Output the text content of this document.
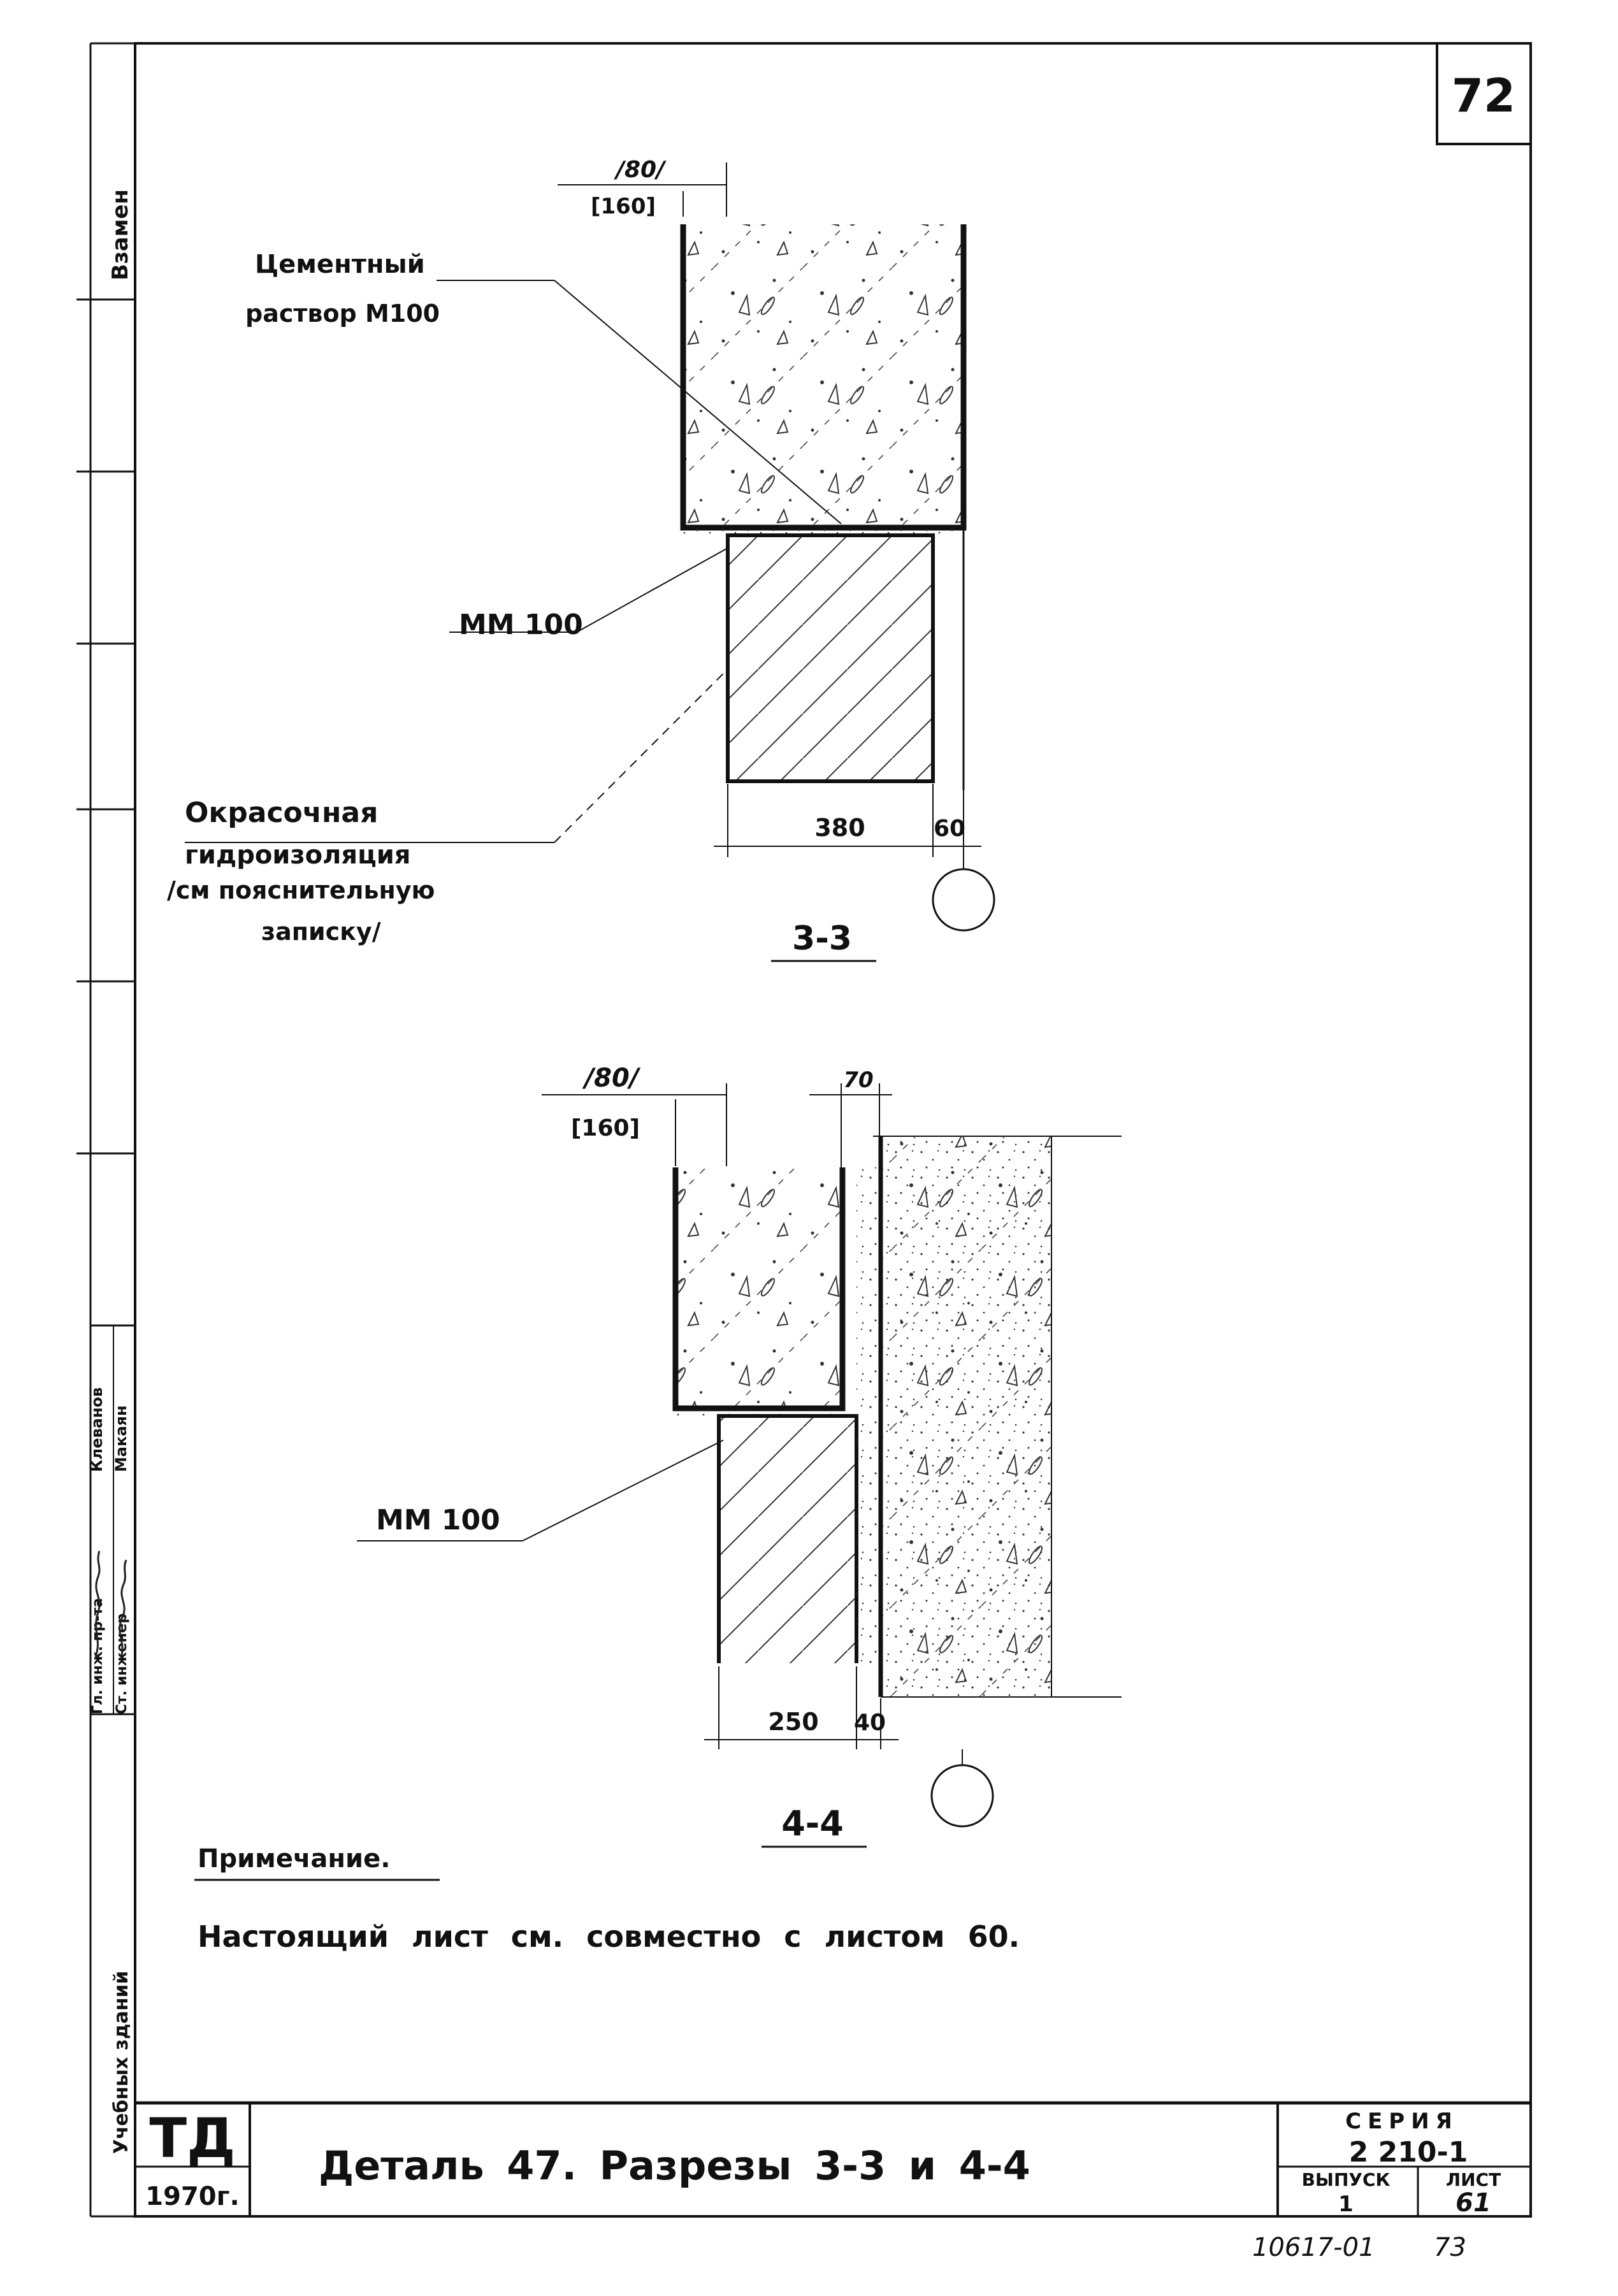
72
Взамен
Гл. инж. пр-та Ст. инженер
Клеванов Макаян
Учебных зданий
/80/
[160]
Цементный
раствор М100
ММ 100
Окрасочная
гидроизоляция
/см пояснительную
записку/
380	60
3-3
/80/
[160]
70
ММ 100
250 40
4-4
Примечание.
Настоящий лист см. совместно с листом 60.
ТД
1970г.
Деталь 47. Разрезы 3-3 и 4-4
СЕРИЯ
2 210-1
ВЫПУСК
1
ЛИСТ
61
10617-01 73
